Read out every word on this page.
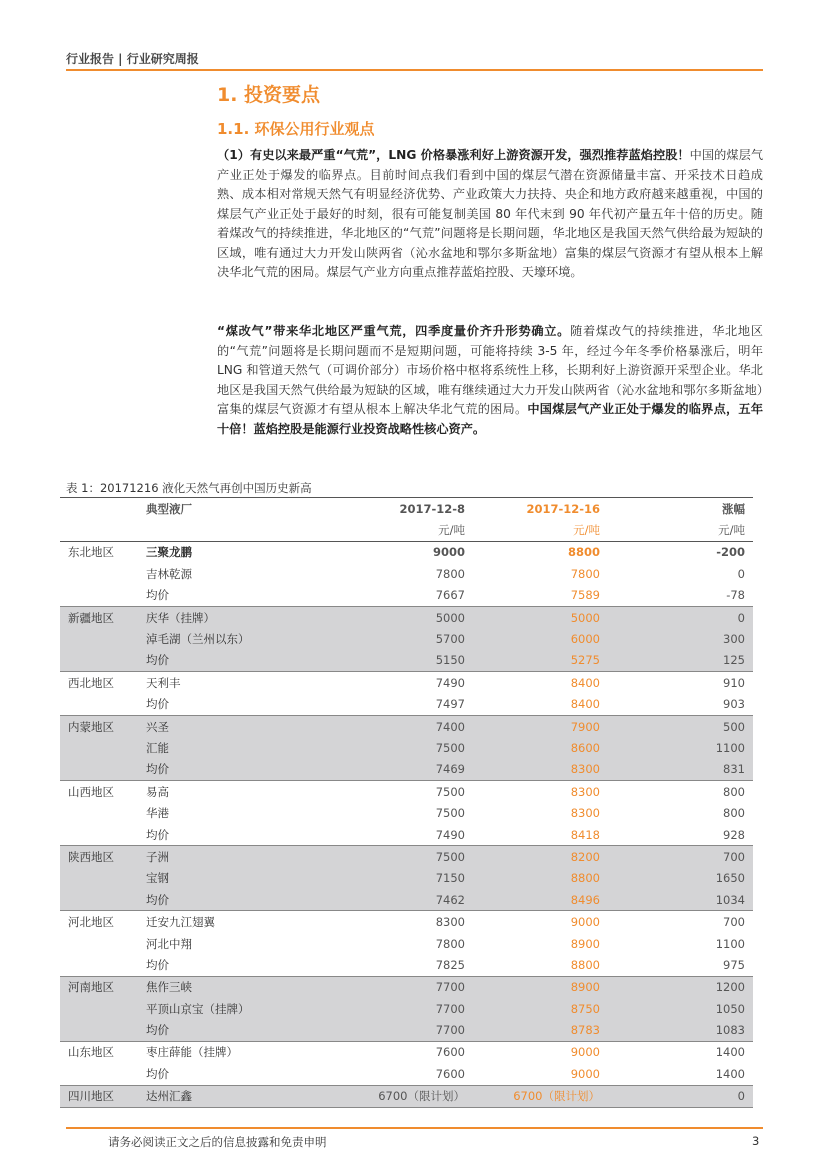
行业报告 | 行业研究周报
1. 投资要点
1.1. 环保公用行业观点
（1）有史以来最严重“气荒”，LNG 价格暴涨利好上游资源开发，强烈推荐蓝焰控股！中国的煤层气产业正处于爆发的临界点。目前时间点我们看到中国的煤层气潜在资源储量丰富、开采技术日趋成熟、成本相对常规天然气有明显经济优势、产业政策大力扶持、央企和地方政府越来越重视，中国的煤层气产业正处于最好的时刻，很有可能复制美国 80 年代末到 90 年代初产量五年十倍的历史。随着煤改气的持续推进，华北地区的“气荒”问题将是长期问题，华北地区是我国天然气供给最为短缺的区域，唯有通过大力开发山陕两省（沁水盆地和鄂尔多斯盆地）富集的煤层气资源才有望从根本上解决华北气荒的困局。煤层气产业方向重点推荐蓝焰控股、天壕环境。
“煤改气”带来华北地区严重气荒，四季度量价齐升形势确立。随着煤改气的持续推进，华北地区的“气荒”问题将是长期问题而不是短期问题，可能将持续 3-5 年，经过今年冬季价格暴涨后，明年 LNG 和管道天然气（可调价部分）市场价格中枢将系统性上移，长期利好上游资源开采型企业。华北地区是我国天然气供给最为短缺的区域，唯有继续通过大力开发山陕两省（沁水盆地和鄂尔多斯盆地）富集的煤层气资源才有望从根本上解决华北气荒的困局。中国煤层气产业正处于爆发的临界点，五年十倍！蓝焰控股是能源行业投资战略性核心资产。
表 1：20171216 液化天然气再创中国历史新高
	典型液厂	2017-12-8	2017-12-16	涨幅
		元/吨	元/吨	元/吨
东北地区	三聚龙鹏	9000	8800	-200
	吉林乾源	7800	7800	0
	均价	7667	7589	-78
新疆地区	庆华（挂牌）	5000	5000	0
	淖毛湖（兰州以东）	5700	6000	300
	均价	5150	5275	125
西北地区	天利丰	7490	8400	910
	均价	7497	8400	903
内蒙地区	兴圣	7400	7900	500
	汇能	7500	8600	1100
	均价	7469	8300	831
山西地区	易高	7500	8300	800
	华港	7500	8300	800
	均价	7490	8418	928
陕西地区	子洲	7500	8200	700
	宝钢	7150	8800	1650
	均价	7462	8496	1034
河北地区	迁安九江翅翼	8300	9000	700
	河北中翔	7800	8900	1100
	均价	7825	8800	975
河南地区	焦作三峡	7700	8900	1200
	平顶山京宝（挂牌）	7700	8750	1050
	均价	7700	8783	1083
山东地区	枣庄薛能（挂牌）	7600	9000	1400
	均价	7600	9000	1400
四川地区	达州汇鑫	6700（限计划）	6700（限计划）	0
请务必阅读正文之后的信息披露和免责申明	3
